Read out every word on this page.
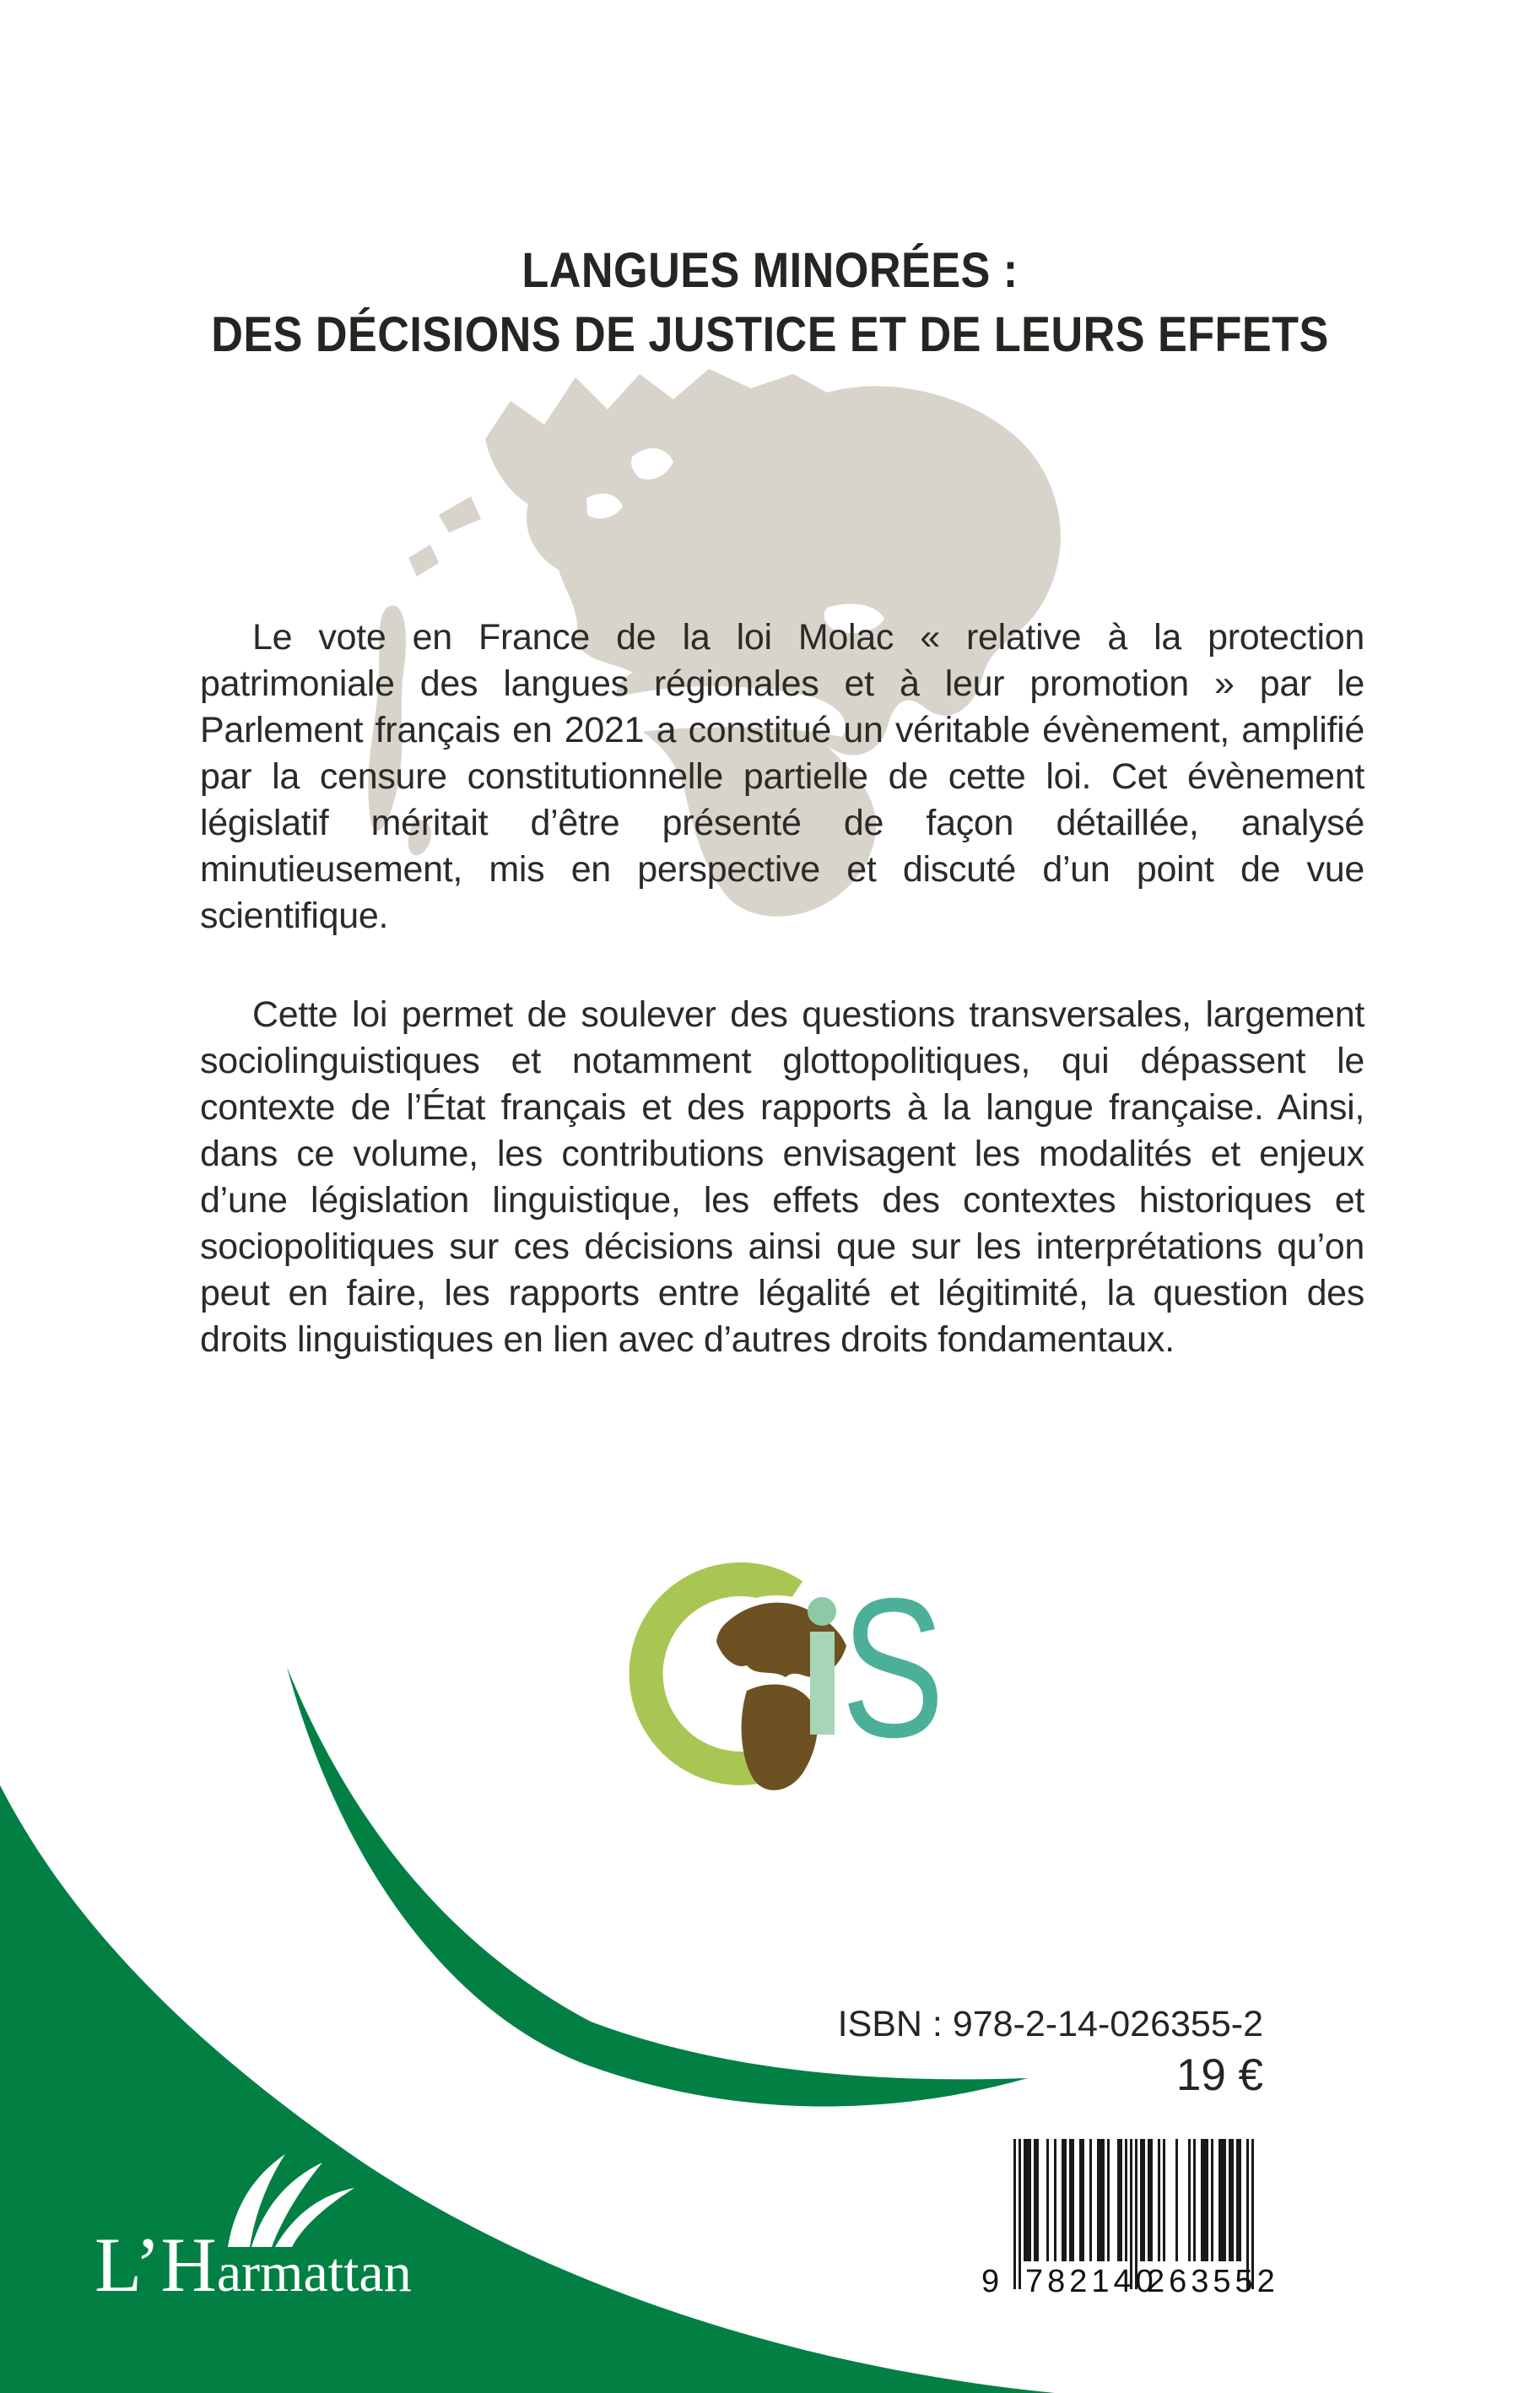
LANGUES MINORÉES :
DES DÉCISIONS DE JUSTICE ET DE LEURS EFFETS
Le vote en France de la loi Molac « relative à la protection patrimoniale des langues régionales et à leur promotion » par le Parlement français en 2021 a constitué un véritable évènement, amplifié par la censure constitutionnelle partielle de cette loi. Cet évènement législatif méritait d’être présenté de façon détaillée, analysé minutieusement, mis en perspective et discuté d’un point de vue scientifique.
Cette loi permet de soulever des questions transversales, largement sociolinguistiques et notamment glottopolitiques, qui dépassent le contexte de l’État français et des rapports à la langue française. Ainsi, dans ce volume, les contributions envisagent les modalités et enjeux d’une législation linguistique, les effets des contextes historiques et sociopolitiques sur ces décisions ainsi que sur les interprétations qu’on peut en faire, les rapports entre légalité et légitimité, la question des droits linguistiques en lien avec d’autres droits fondamentaux.
S
ISBN : 978-2-14-026355-2
19 €
9 782140
263552
L’Harmattan
